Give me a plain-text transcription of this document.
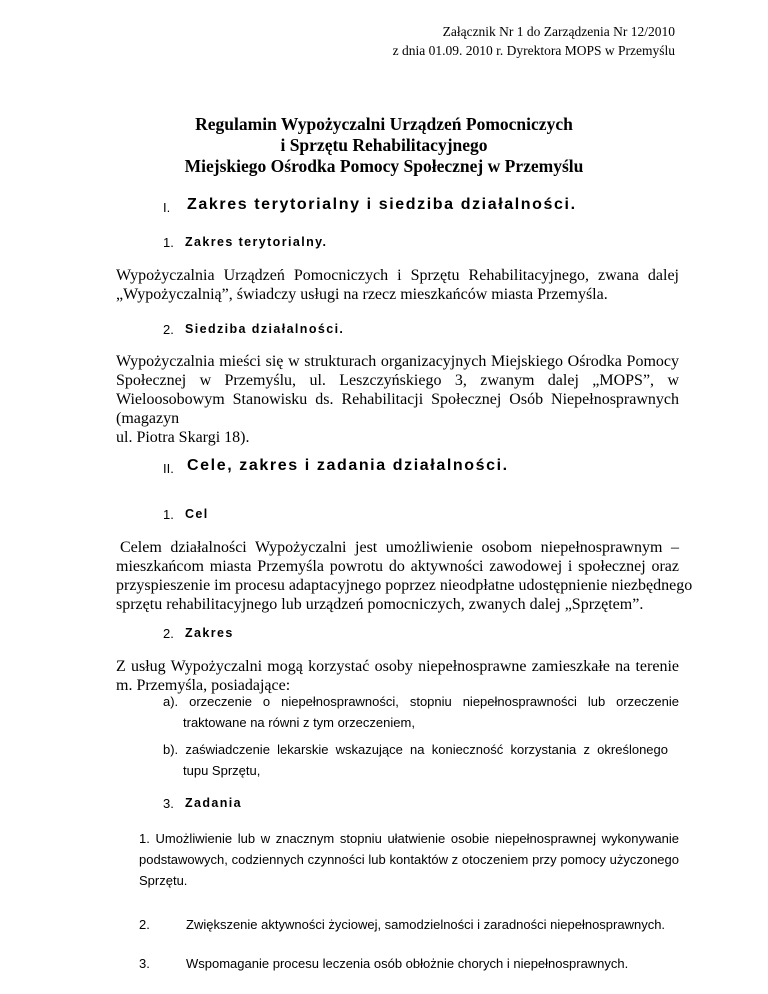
Załącznik Nr 1 do Zarządzenia Nr 12/2010
z dnia 01.09. 2010 r. Dyrektora MOPS w Przemyślu
Regulamin Wypożyczalni Urządzeń Pomocniczych
i Sprzętu Rehabilitacyjnego
Miejskiego Ośrodka Pomocy Społecznej w Przemyślu
I. Zakres terytorialny i siedziba działalności.
1. Zakres terytorialny.
Wypożyczalnia Urządzeń Pomocniczych i Sprzętu Rehabilitacyjnego, zwana dalej
„Wypożyczalnią”, świadczy usługi na rzecz mieszkańców miasta Przemyśla.
2. Siedziba działalności.
Wypożyczalnia mieści się w strukturach organizacyjnych Miejskiego Ośrodka Pomocy
Społecznej w Przemyślu, ul. Leszczyńskiego 3, zwanym dalej „MOPS”, w
Wieloosobowym Stanowisku ds. Rehabilitacji Społecznej Osób Niepełnosprawnych
(magazyn
ul. Piotra Skargi 18).
II. Cele, zakres i zadania działalności.
1. Cel
Celem działalności Wypożyczalni jest umożliwienie osobom niepełnosprawnym –
mieszkańcom miasta Przemyśla powrotu do aktywności zawodowej i społecznej oraz
przyspieszenie im procesu adaptacyjnego poprzez nieodpłatne udostępnienie niezbędnego
sprzętu rehabilitacyjnego lub urządzeń pomocniczych, zwanych dalej „Sprzętem”.
2. Zakres
Z usług Wypożyczalni mogą korzystać osoby niepełnosprawne zamieszkałe na terenie
m. Przemyśla, posiadające:
a). orzeczenie o niepełnosprawności, stopniu niepełnosprawności lub orzeczenie
traktowane na równi z tym orzeczeniem,
b). zaświadczenie lekarskie wskazujące na konieczność korzystania z określonego
tupu Sprzętu,
3. Zadania
1. Umożliwienie lub w znacznym stopniu ułatwienie osobie niepełnosprawnej wykonywanie
podstawowych, codziennych czynności lub kontaktów z otoczeniem przy pomocy użyczonego
Sprzętu.
2.	Zwiększenie aktywności życiowej, samodzielności i zaradności niepełnosprawnych.
3.	Wspomaganie procesu leczenia osób obłożnie chorych i niepełnosprawnych.
